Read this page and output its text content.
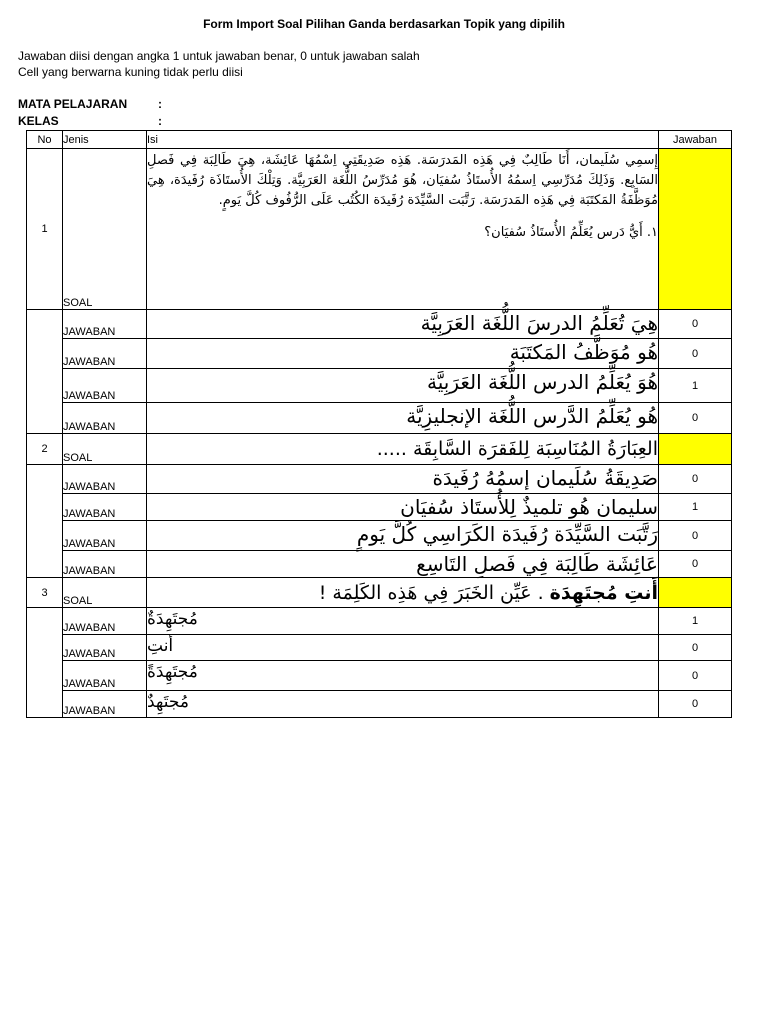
Form Import Soal Pilihan Ganda berdasarkan Topik yang dipilih
Jawaban diisi dengan angka 1 untuk jawaban benar, 0 untuk jawaban salah
Cell yang berwarna kuning tidak perlu diisi
MATA PELAJARAN	:
KELAS	:
No	Jenis	Isi	Jawaban
1	SOAL	إِسمِي سُلَيمان، أَنَا طَالِبٌ فِي هَذِه المَدرَسَة. هَذِه صَدِيقَتِي اِسْمُهَا عَائِشَة، هِيَ طَالِبَة فِي فَصلِ السَابِع. وَذَلِكَ مُدَرِّسِي اِسمُهُ الأُستَاذُ سُفيَان، هُوَ مُدَرِّسُ اللُّغَة العَرَبِيَّة. وَتِلْكَ الأُستَاذَة رُفَيدَة، هِيَ مُوَظَّفَةُ المَكتَبَة فِي هَذِه المَدرَسَة. رَتَّبَت السَّيِّدَة رُفَيدَة الكُتُب عَلَى الرُّفُوف كُلَّ يَومٍ.
١. أَيُّ دَرس يُعَلِّمُ الأُستَاذُ سُفيَان؟	

	JAWABAN	هِيَ تُعَلِّمُ الدرسَ اللُّغَة العَرَبِيَّة	0
	JAWABAN	هُو مُوَظَّفُ المَكتَبَة	0
	JAWABAN	هُوَ يُعَلِّمُ الدرس اللُّغَة العَرَبِيَّة	1
	JAWABAN	هُو يُعَلِّمُ الدَّرس اللُّغَة الإنجليزِيَّة	0
2	SOAL	العِبَارَةُ المُنَاسِبَة لِلفَقرَة السَّابِقَة .....	
	JAWABAN	صَدِيقَةُ سُلَيمان إسمُهُ رُفَيدَة	0
	JAWABAN	سليمان هُو تلميذٌ لِلأُستَاذ سُفيَان	1
	JAWABAN	رَتَّبَت السَّيِّدَة رُفَيدَة الكَرَاسِي كُلَّ يَومٍ	0
	JAWABAN	عَائِشَة طَالِبَة فِي فَصلِ التَاسِع	0
3	SOAL	أَنتِ مُجتَهِدَة . عَيِّن الخَبَرَ فِي هَذِه الكَلِمَة !	
	JAWABAN	مُجتَهِدَةٌ	1
	JAWABAN	أنتِ	0
	JAWABAN	مُجتَهِدَةً	0
	JAWABAN	مُجتَهِدٌ	0
